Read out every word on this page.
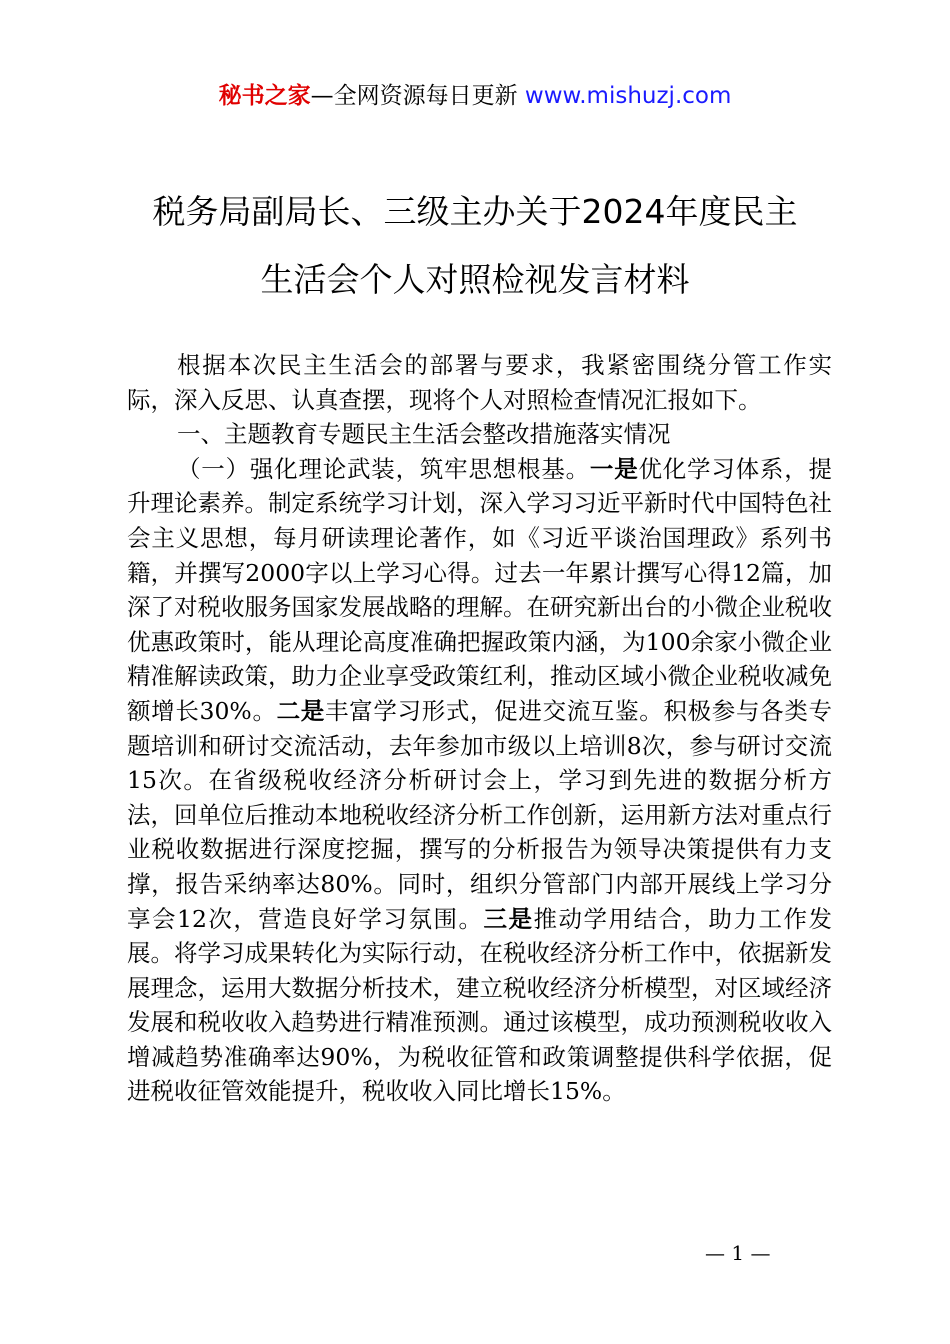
秘书之家—全网资源每日更新 www.mishuzj.com
税务局副局长、三级主办关于2024年度民主
生活会个人对照检视发言材料

根据本次民主生活会的部署与要求，我紧密围绕分管工作实际，深入反思、认真查摆，现将个人对照检查情况汇报如下。

一、主题教育专题民主生活会整改措施落实情况

（一）强化理论武装，筑牢思想根基。一是优化学习体系，提升理论素养。制定系统学习计划，深入学习习近平新时代中国特色社会主义思想，每月研读理论著作，如《习近平谈治国理政》系列书籍，并撰写2000字以上学习心得。过去一年累计撰写心得12篇，加深了对税收服务国家发展战略的理解。在研究新出台的小微企业税收优惠政策时，能从理论高度准确把握政策内涵，为100余家小微企业精准解读政策，助力企业享受政策红利，推动区域小微企业税收减免额增长30%。二是丰富学习形式，促进交流互鉴。积极参与各类专题培训和研讨交流活动，去年参加市级以上培训8次，参与研讨交流15次。在省级税收经济分析研讨会上，学习到先进的数据分析方法，回单位后推动本地税收经济分析工作创新，运用新方法对重点行业税收数据进行深度挖掘，撰写的分析报告为领导决策提供有力支撑，报告采纳率达80%。同时，组织分管部门内部开展线上学习分享会12次，营造良好学习氛围。三是推动学用结合，助力工作发展。将学习成果转化为实际行动，在税收经济分析工作中，依据新发展理念，运用大数据分析技术，建立税收经济分析模型，对区域经济发展和税收收入趋势进行精准预测。通过该模型，成功预测税收收入增减趋势准确率达90%，为税收征管和政策调整提供科学依据，促进税收征管效能提升，税收收入同比增长15%。

— 1 —
